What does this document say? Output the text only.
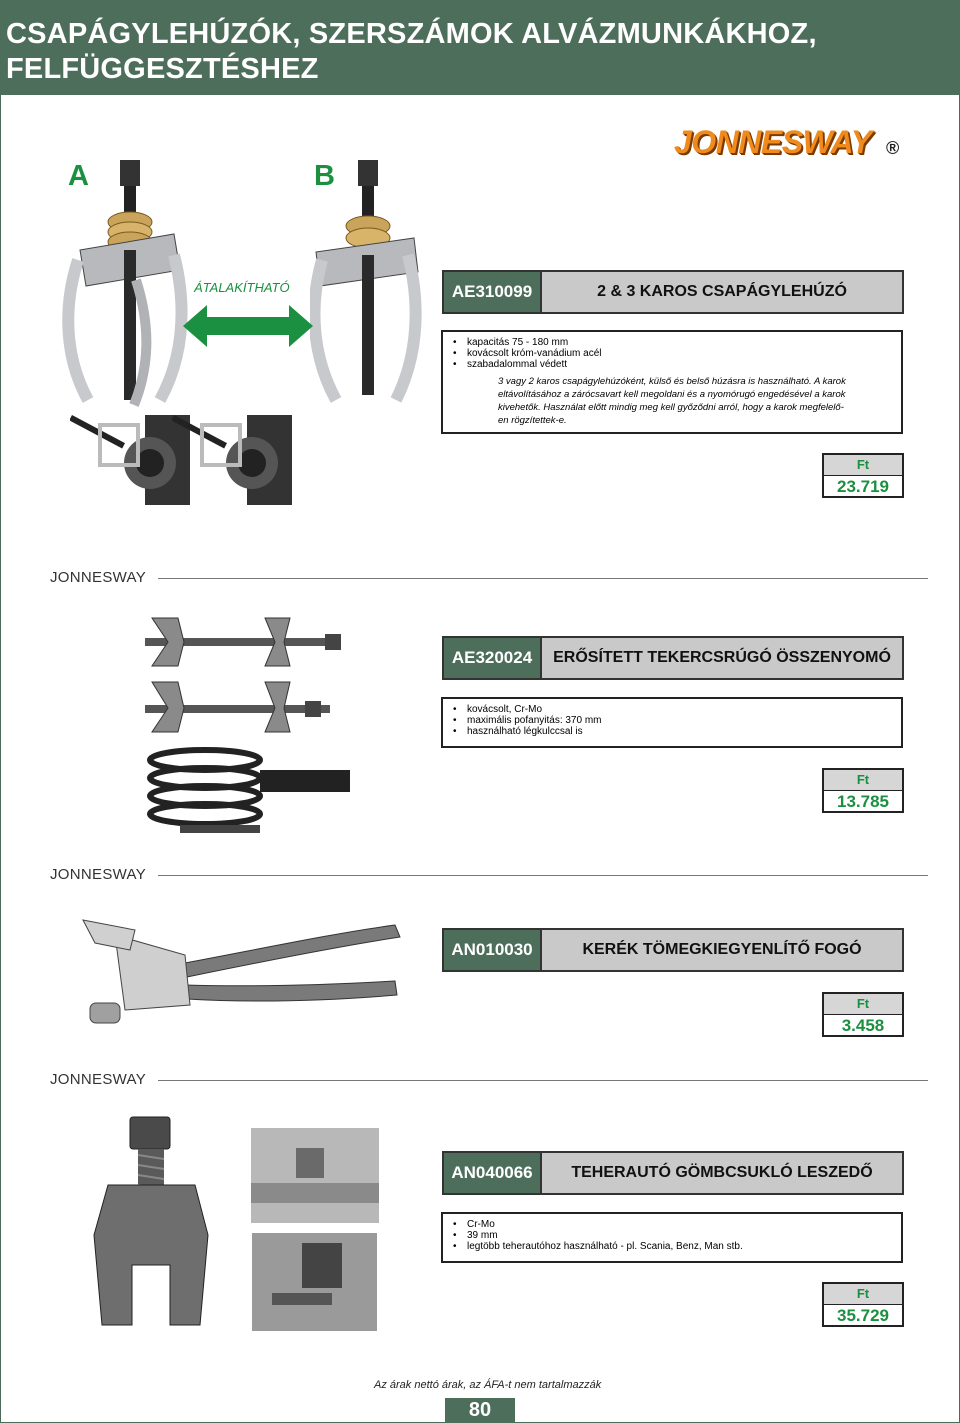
CSAPÁGYLEHÚZÓK, SZERSZÁMOK ALVÁZMUNKÁKHOZ,
FELFÜGGESZTÉSHEZ
JONNESWAY ®
A	B
ÁTALAKÍTHATÓ	AE310099	2 & 3 KAROS CSAPÁGYLEHÚZÓ
• kapacitás 75 - 180 mm
• kovácsolt króm-vanádium acél
• szabadalommal védett
3 vagy 2 karos csapágylehúzóként, külső és belső húzásra is használható. A karok
eltávolításához a zárócsavart kell megoldani és a nyomórugó engedésével a karok
kivehetők. Használat előtt mindig meg kell győződni arról, hogy a karok megfelelő-
en rögzítettek-e.
Ft
23.719
JONNESWAY
AE320024	ERŐSÍTETT TEKERCSRÚGÓ ÖSSZENYOMÓ
• kovácsolt, Cr-Mo
• maximális pofanyitás: 370 mm
• használható légkulccsal is
Ft
13.785
JONNESWAY
AN010030	KERÉK TÖMEGKIEGYENLÍTŐ FOGÓ
Ft
3.458
JONNESWAY
AN040066	TEHERAUTÓ GÖMBCSUKLÓ LESZEDŐ
• Cr-Mo
• 39 mm
• legtöbb teherautóhoz használható - pl. Scania, Benz, Man stb.
Ft
35.729
Az árak nettó árak, az ÁFA-t nem tartalmazzák
80
